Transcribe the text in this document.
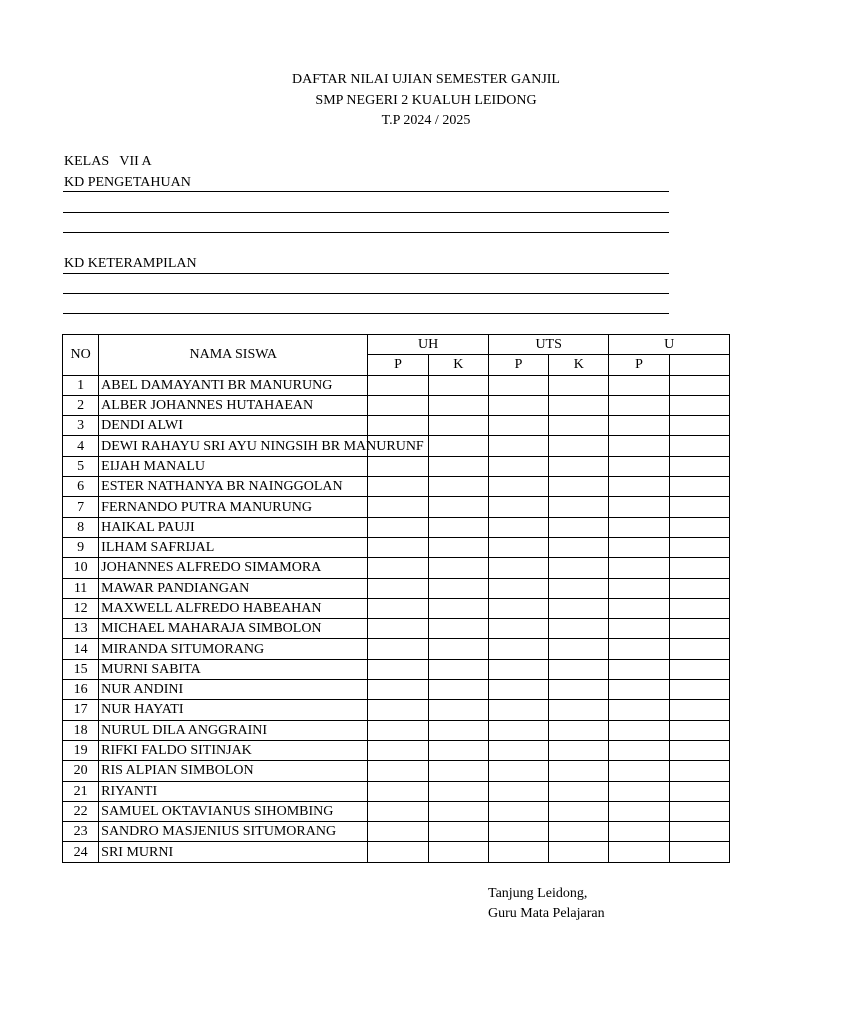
DAFTAR NILAI UJIAN SEMESTER GANJIL
SMP NEGERI 2 KUALUH LEIDONG
T.P 2024 / 2025
KELAS   VII A
KD PENGETAHUAN
KD KETERAMPILAN
NO	NAMA SISWA	UH		UTS		U	
		P	K	P	K	P	
1	ABEL DAMAYANTI BR MANURUNG						
2	ALBER JOHANNES HUTAHAEAN						
3	DENDI ALWI						
4	DEWI RAHAYU SRI AYU NINGSIH BR MANURUNF						
5	EIJAH MANALU						
6	ESTER NATHANYA BR NAINGGOLAN						
7	FERNANDO PUTRA MANURUNG						
8	HAIKAL PAUJI						
9	ILHAM SAFRIJAL						
10	JOHANNES ALFREDO SIMAMORA						
11	MAWAR PANDIANGAN						
12	MAXWELL ALFREDO HABEAHAN						
13	MICHAEL MAHARAJA SIMBOLON						
14	MIRANDA SITUMORANG						
15	MURNI SABITA						
16	NUR ANDINI						
17	NUR HAYATI						
18	NURUL DILA ANGGRAINI						
19	RIFKI FALDO SITINJAK						
20	RIS ALPIAN SIMBOLON						
21	RIYANTI						
22	SAMUEL OKTAVIANUS SIHOMBING						
23	SANDRO MASJENIUS SITUMORANG						
24	SRI MURNI						
Tanjung Leidong,
Guru Mata Pelajaran
